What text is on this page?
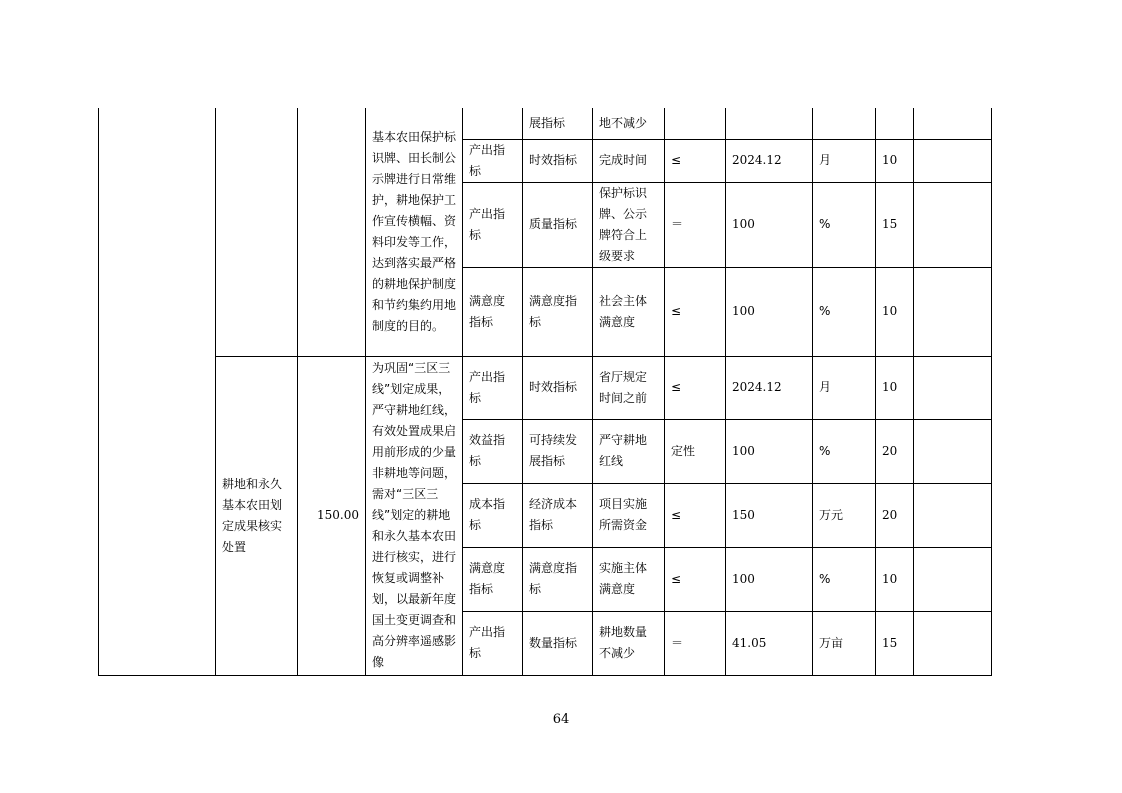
			基本农田保护标识牌、田长制公示牌进行日常维护，耕地保护工作宣传横幅、资料印发等工作，达到落实最严格的耕地保护制度和节约集约用地制度的目的。		展指标	地不减少					
				产出指标	时效指标	完成时间	≤	2024.12	月	10	
				产出指标	质量指标	保护标识牌、公示牌符合上级要求	＝	100	%	15	
				满意度指标	满意度指标	社会主体满意度	≤	100	%	10	
	耕地和永久基本农田划定成果核实处置	150.00	为巩固“三区三线”划定成果，严守耕地红线，有效处置成果启用前形成的少量非耕地等问题，需对“三区三线”划定的耕地和永久基本农田进行核实，进行恢复或调整补划，以最新年度国土变更调查和高分辨率遥感影像	产出指标	时效指标	省厅规定时间之前	≤	2024.12	月	10	
				效益指标	可持续发展指标	严守耕地红线	定性	100	%	20	
				成本指标	经济成本指标	项目实施所需资金	≤	150	万元	20	
				满意度指标	满意度指标	实施主体满意度	≤	100	%	10	
				产出指标	数量指标	耕地数量不减少	＝	41.05	万亩	15	
64
